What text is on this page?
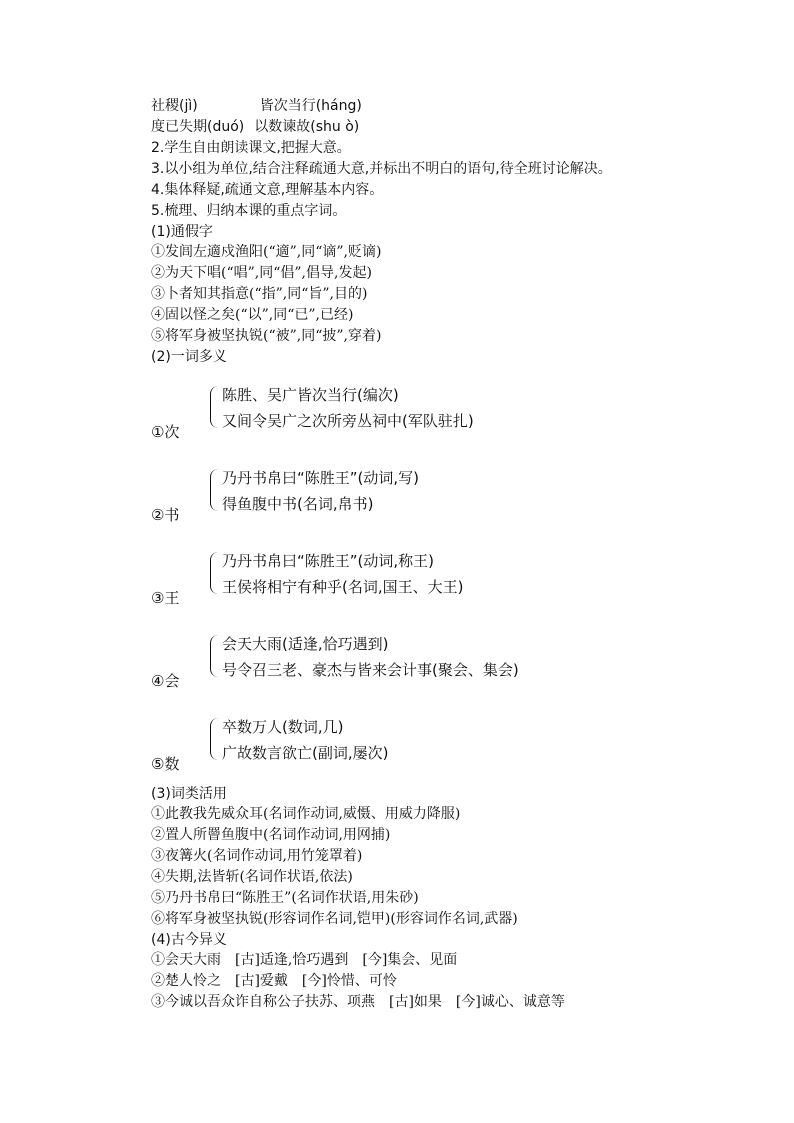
社稷(jì)	皆次当行(háng)
度已失期(duó) 以数谏故(shu ò)
2.学生自由朗读课文,把握大意。
3.以小组为单位,结合注释疏通大意,并标出不明白的语句,待全班讨论解决。
4.集体释疑,疏通文意,理解基本内容。
5.梳理、归纳本课的重点字词。
(1)通假字
①发闾左適戍渔阳(“適”,同“谪”,贬谪)
②为天下唱(“唱”,同“倡”,倡导,发起)
③卜者知其指意(“指”,同“旨”,目的)
④固以怪之矣(“以”,同“已”,已经)
⑤将军身被坚执锐(“被”,同“披”,穿着)
(2)一词多义
陈胜、吴广皆次当行(编次)
又间令吴广之次所旁丛祠中(军队驻扎)
①次
乃丹书帛曰“陈胜王”(动词,写)
得鱼腹中书(名词,帛书)
②书
乃丹书帛曰“陈胜王”(动词,称王)
王侯将相宁有种乎(名词,国王、大王)
③王
会天大雨(适逢,恰巧遇到)
号令召三老、豪杰与皆来会计事(聚会、集会)
④会
卒数万人(数词,几)
广故数言欲亡(副词,屡次)
⑤数
(3)词类活用
①此教我先威众耳(名词作动词,威慑、用威力降服)
②置人所罾鱼腹中(名词作动词,用网捕)
③夜篝火(名词作动词,用竹笼罩着)
④失期,法皆斩(名词作状语,依法)
⑤乃丹书帛曰“陈胜王”(名词作状语,用朱砂)
⑥将军身被坚执锐(形容词作名词,铠甲)(形容词作名词,武器)
(4)古今异义
①会天大雨　[古]适逢,恰巧遇到　[今]集会、见面
②楚人怜之　[古]爱戴　[今]怜惜、可怜
③今诚以吾众诈自称公子扶苏、项燕　[古]如果　[今]诚心、诚意等
